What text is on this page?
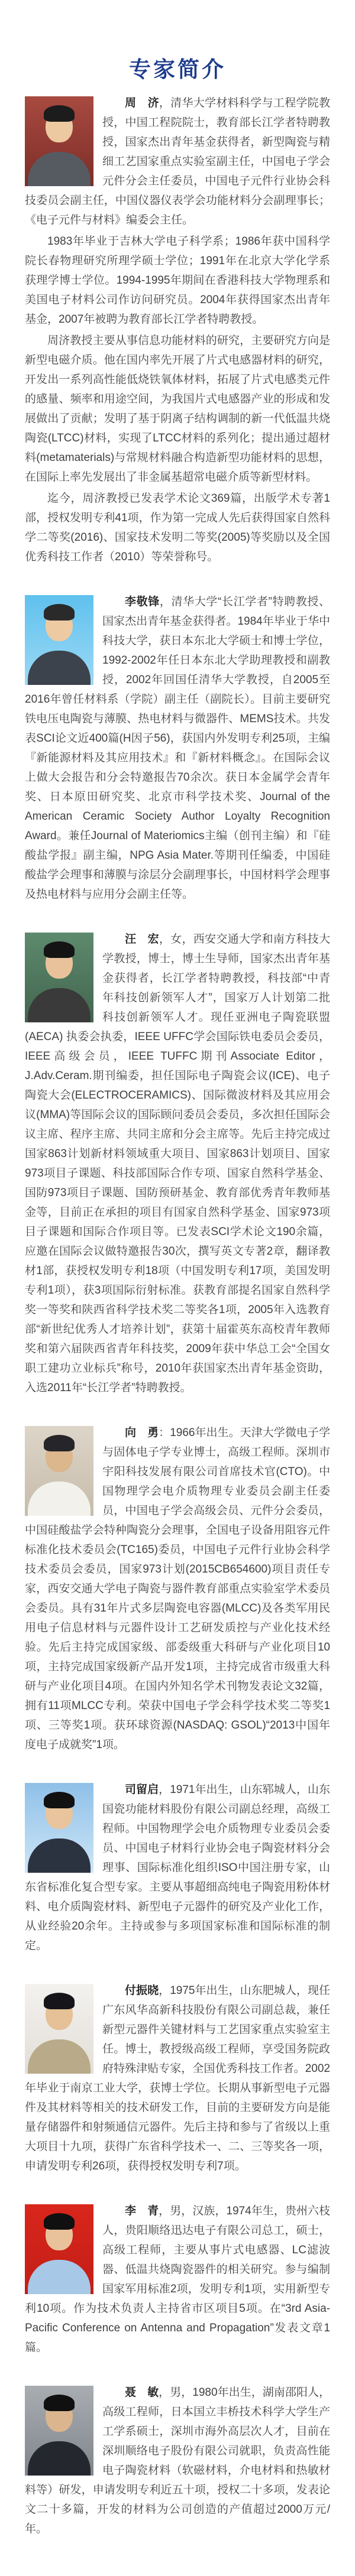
专家简介

周　济，清华大学材料科学与工程学院教授，中国工程院院士，教育部长江学者特聘教授，国家杰出青年基金获得者，新型陶瓷与精细工艺国家重点实验室副主任，中国电子学会元件分会主任委员，中国电子元件行业协会科技委员会副主任，中国仪器仪表学会功能材料分会副理事长；《电子元件与材料》编委会主任。

1983年毕业于吉林大学电子科学系；1986年获中国科学院长春物理研究所理学硕士学位；1991年在北京大学化学系获理学博士学位。1994-1995年期间在香港科技大学物理系和美国电子材料公司作访问研究员。2004年获得国家杰出青年基金，2007年被聘为教育部长江学者特聘教授。

周济教授主要从事信息功能材料的研究，主要研究方向是新型电磁介质。他在国内率先开展了片式电感器材料的研究，开发出一系列高性能低烧铁氧体材料，拓展了片式电感类元件的感量、频率和用途空间，为我国片式电感器产业的形成和发展做出了贡献；发明了基于阴离子结构调制的新一代低温共烧陶瓷(LTCC)材料，实现了LTCC材料的系列化；提出通过超材料(metamaterials)与常规材料融合构造新型功能材料的思想，在国际上率先发展出了非金属基超常电磁介质等新型材料。

迄今，周济教授已发表学术论文369篇，出版学术专著1部，授权发明专利41项，作为第一完成人先后获得国家自然科学二等奖(2016)、国家技术发明二等奖(2005)等奖励以及全国优秀科技工作者（2010）等荣誉称号。

李敬锋，清华大学“长江学者”特聘教授、国家杰出青年基金获得者。1984年毕业于华中科技大学，获日本东北大学硕士和博士学位，1992-2002年任日本东北大学助理教授和副教授，2002年回国任清华大学教授，自2005至2016年曾任材料系（学院）副主任（副院长）。目前主要研究铁电压电陶瓷与薄膜、热电材料与微器件、MEMS技术。共发表SCI论文近400篇(H因子56)，获国内外发明专利25项，主编『新能源材料及其应用技术』和『新材料概念』。在国际会议上做大会报告和分会特邀报告70余次。获日本金属学会青年奖、日本原田研究奖、北京市科学技术奖、Journal of the American Ceramic Society Author Loyalty Recognition Award。兼任Journal of Materiomics主编（创刊主编）和『硅酸盐学报』副主编，NPG Asia Mater.等期刊任编委，中国硅酸盐学会理事和薄膜与涂层分会副理事长，中国材料学会理事及热电材料与应用分会副主任等。

汪　宏，女，西安交通大学和南方科技大学教授，博士，博士生导师，国家杰出青年基金获得者，长江学者特聘教授，科技部“中青年科技创新领军人才”，国家万人计划第二批科技创新领军人才。现任亚洲电子陶瓷联盟(AECA) 执委会执委，IEEE UFFC学会国际铁电委员会委员，IEEE高级会员，IEEE TUFFC期刊Associate Editor，J.Adv.Ceram.期刊编委，担任国际电子陶瓷会议(ICE)、电子陶瓷大会(ELECTROCERAMICS)、国际微波材料及其应用会议(MMA)等国际会议的国际顾问委员会委员，多次担任国际会议主席、程序主席、共同主席和分会主席等。先后主持完成过国家863计划新材料领域重大项目、国家863计划项目、国家973项目子课题、科技部国际合作专项、国家自然科学基金、国防973项目子课题、国防预研基金、教育部优秀青年教师基金等，目前正在承担的项目有国家自然科学基金、国家973项目子课题和国际合作项目等。已发表SCI学术论文190余篇，应邀在国际会议做特邀报告30次，撰写英文专著2章，翻译教材1部，获授权发明专利18项（中国发明专利17项，美国发明专利1项），获3项国际衍射标准。获教育部提名国家自然科学奖一等奖和陕西省科学技术奖二等奖各1项，2005年入选教育部“新世纪优秀人才培养计划”，获第十届霍英东高校青年教师奖和第六届陕西省青年科技奖，2009年获中华总工会“全国女职工建功立业标兵”称号，2010年获国家杰出青年基金资助，入选2011年“长江学者”特聘教授。

向　勇：1966年出生。天津大学微电子学与固体电子学专业博士，高级工程师。深圳市宇阳科技发展有限公司首席技术官(CTO)。中国物理学会电介质物理专业委员会副主任委员，中国电子学会高级会员、元件分会委员，中国硅酸盐学会特种陶瓷分会理事，全国电子设备用阻容元件标准化技术委员会(TC165)委员，中国电子元件行业协会科学技术委员会委员，国家973计划(2015CB654600)项目责任专家，西安交通大学电子陶瓷与器件教育部重点实验室学术委员会委员。具有31年片式多层陶瓷电容器(MLCC)及各类军用民用电子信息材料与元器件设计工艺研发质控与产业化技术经验。先后主持完成国家级、部委级重大科研与产业化项目10项，主持完成国家级新产品开发1项，主持完成省市级重大科研与产业化项目4项。在国内外知名学术刊物发表论文32篇，拥有11项MLCC专利。荣获中国电子学会科学技术奖二等奖1项、三等奖1项。获环球资源(NASDAQ: GSOL)“2013中国年度电子成就奖”1项。

司留启，1971年出生，山东郓城人，山东国瓷功能材料股份有限公司副总经理，高级工程师。中国物理学会电介质物理专业委员会委员、中国电子材料行业协会电子陶瓷材料分会理事、国际标准化组织ISO中国注册专家，山东省标准化复合型专家。主要从事超细高纯电子陶瓷用粉体材料、电介质陶瓷材料、新型电子元器件的研究及产业化工作，从业经验20余年。主持或参与多项国家标准和国际标准的制定。

付振晓，1975年出生，山东肥城人，现任广东风华高新科技股份有限公司副总裁，兼任新型元器件关键材料与工艺国家重点实验室主任。博士，教授级高级工程师，享受国务院政府特殊津贴专家，全国优秀科技工作者。2002年毕业于南京工业大学，获博士学位。长期从事新型电子元器件及其材料等相关的技术研发工作，目前的主要研发方向是能量存储器件和射频通信元器件。先后主持和参与了省级以上重大项目十九项，获得广东省科学技术一、二、三等奖各一项，申请发明专利26项，获得授权发明专利7项。

李　青，男，汉族，1974年生，贵州六枝人，贵阳顺络迅达电子有限公司总工，硕士，高级工程师，主要从事片式电感器、LC滤波器、低温共烧陶瓷器件的相关研究。参与编制国家军用标准2项，发明专利1项，实用新型专利10项。作为技术负责人主持省市区项目5项。在“3rd Asia-Pacific Conference on Antenna and Propagation”发表文章1篇。

聂　敏，男，1980年出生，湖南邵阳人，高级工程师，日本国立丰桥技术科学大学生产工学系硕士，深圳市海外高层次人才，目前在深圳顺络电子股份有限公司就职，负责高性能电子陶瓷材料（软磁材料，介电材料和热敏材料等）研发，申请发明专利近五十项，授权二十多项，发表论文二十多篇，开发的材料为公司创造的产值超过2000万元/年。
